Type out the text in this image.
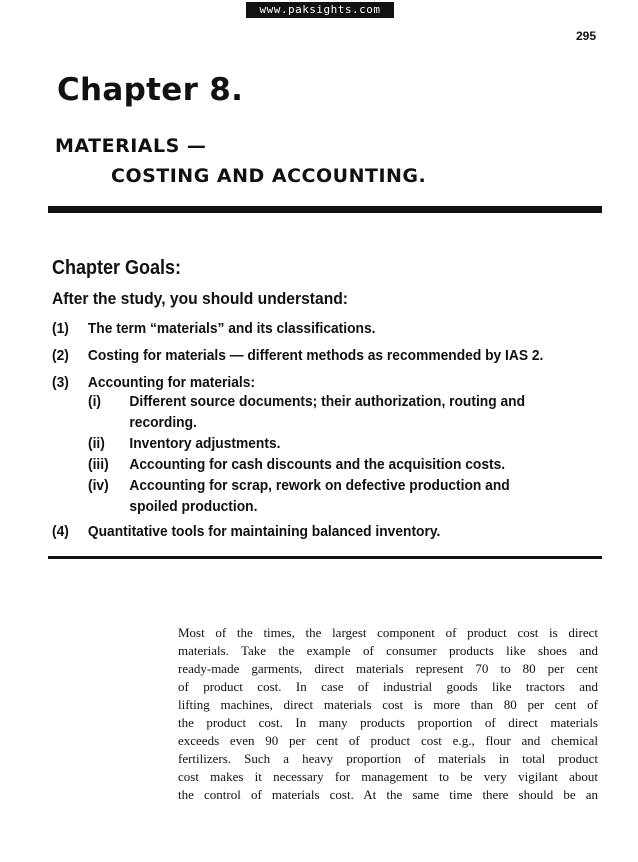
www.paksights.com
295
Chapter 8.
MATERIALS —
COSTING AND ACCOUNTING.
Chapter Goals:

After the study, you should understand:

(1) The term “materials” and its classifications.
(2) Costing for materials — different methods as recommended by IAS 2.
(3) Accounting for materials:
(i) Different source documents; their authorization, routing and
recording.
(ii) Inventory adjustments.
(iii) Accounting for cash discounts and the acquisition costs.
(iv) Accounting for scrap, rework on defective production and
spoiled production.
(4) Quantitative tools for maintaining balanced inventory.
Most of the times, the largest component of product cost is direct
materials. Take the example of consumer products like shoes and
ready-made garments, direct materials represent 70 to 80 per cent
of product cost. In case of industrial goods like tractors and
lifting machines, direct materials cost is more than 80 per cent of
the product cost. In many products proportion of direct materials
exceeds even 90 per cent of product cost e.g., flour and chemical
fertilizers. Such a heavy proportion of materials in total product
cost makes it necessary for management to be very vigilant about
the control of materials cost. At the same time there should be an
